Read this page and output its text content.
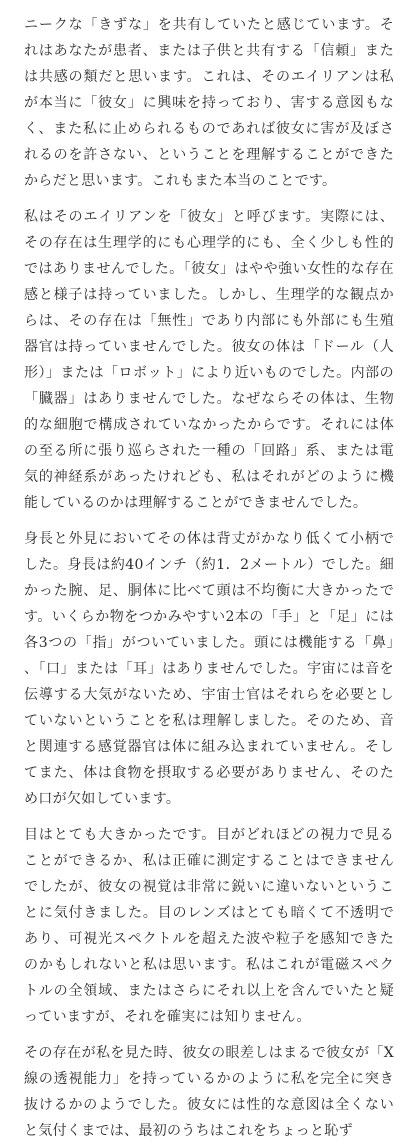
ニークな「きずな」を共有していたと感じています。それはあなたが患者、または子供と共有する「信頼」または共感の類だと思います。これは、そのエイリアンは私が本当に「彼女」に興味を持っており、害する意図もなく、また私に止められるものであれば彼女に害が及ぼされるのを許さない、ということを理解することができたからだと思います。これもまた本当のことです。

私はそのエイリアンを「彼女」と呼びます。実際には、その存在は生理学的にも心理学的にも、全く少しも性的ではありませんでした。「彼女」はやや強い女性的な存在感と様子は持っていました。しかし、生理学的な観点からは、その存在は「無性」であり内部にも外部にも生殖器官は持っていませんでした。彼女の体は「ドール（人形）」または「ロボット」により近いものでした。内部の「臓器」はありませんでした。なぜならその体は、生物的な細胞で構成されていなかったからです。それには体の至る所に張り巡らされた一種の「回路」系、または電気的神経系があったけれども、私はそれがどのように機能しているのかは理解することができませんでした。

身長と外見においてその体は背丈がかなり低くて小柄でした。身長は約40インチ（約1．2メートル）でした。細かった腕、足、胴体に比べて頭は不均衡に大きかったです。いくらか物をつかみやすい2本の「手」と「足」には各3つの「指」がついていました。頭には機能する「鼻」、「口」または「耳」はありませんでした。宇宙には音を伝導する大気がないため、宇宙士官はそれらを必要としていないということを私は理解しました。そのため、音と関連する感覚器官は体に組み込まれていません。そしてまた、体は食物を摂取する必要がありません、そのため口が欠如しています。

目はとても大きかったです。目がどれほどの視力で見ることができるか、私は正確に測定することはできませんでしたが、彼女の視覚は非常に鋭いに違いないということに気付きました。目のレンズはとても暗くて不透明であり、可視光スペクトルを超えた波や粒子を感知できたのかもしれないと私は思います。私はこれが電磁スペクトルの全領域、またはさらにそれ以上を含んでいたと疑っていますが、それを確実には知りません。

その存在が私を見た時、彼女の眼差しはまるで彼女が「X線の透視能力」を持っているかのように私を完全に突き抜けるかのようでした。彼女には性的な意図は全くないと気付くまでは、最初のうちはこれをちょっと恥ず
